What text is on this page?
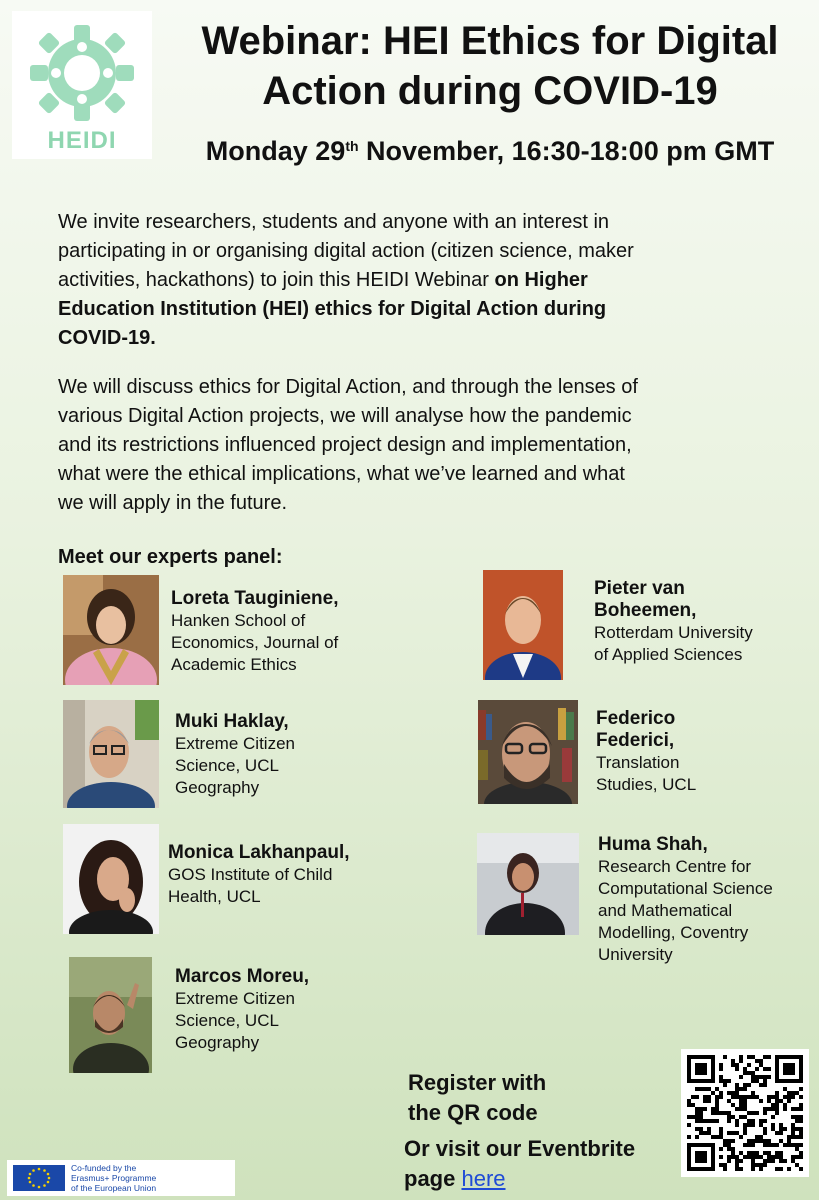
HEIDI
Webinar: HEI Ethics for Digital
Action during COVID-19
Monday 29th November, 16:30-18:00 pm GMT
We invite researchers, students and anyone with an interest in
participating in or organising digital action (citizen science, maker
activities, hackathons) to join this HEIDI Webinar on Higher
Education Institution (HEI) ethics for Digital Action during
COVID-19.
We will discuss ethics for Digital Action, and through the lenses of
various Digital Action projects, we will analyse how the pandemic
and its restrictions influenced project design and implementation,
what were the ethical implications, what we’ve learned and what
we will apply in the future.
Meet our experts panel:
Loreta Tauginiene,
Hanken School of
Economics, Journal of
Academic Ethics
Muki Haklay,
Extreme Citizen
Science, UCL
Geography
Monica Lakhanpaul,
GOS Institute of Child
Health, UCL
Marcos Moreu,
Extreme Citizen
Science, UCL
Geography
Pieter van
Boheemen,
Rotterdam University
of Applied Sciences
Federico
Federici,
Translation
Studies, UCL
Huma Shah,
Research Centre for
Computational Science
and Mathematical
Modelling, Coventry
University
Register with
the QR code
Or visit our Eventbrite
page here
Co-funded by the
Erasmus+ Programme
of the European Union
